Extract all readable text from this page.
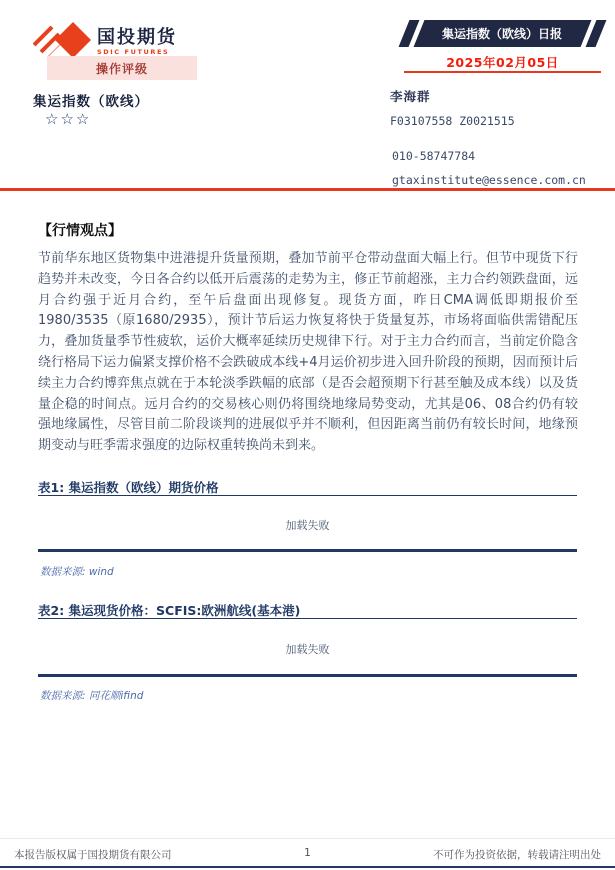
国投期货
SDIC FUTURES
操作评级
集运指数（欧线）
☆☆☆
集运指数（欧线）日报
2025年02月05日
李海群
F03107558 Z0021515
010-58747784
gtaxinstitute@essence.com.cn
【行情观点】
节前华东地区货物集中进港提升货量预期，叠加节前平仓带动盘面大幅上行。但节中现货下行趋势并未改变，今日各合约以低开后震荡的走势为主，修正节前超涨，主力合约领跌盘面，远月合约强于近月合约，至午后盘面出现修复。现货方面，昨日CMA调低即期报价至1980/3535（原1680/2935），预计节后运力恢复将快于货量复苏，市场将面临供需错配压力，叠加货量季节性疲软，运价大概率延续历史规律下行。对于主力合约而言，当前定价隐含绕行格局下运力偏紧支撑价格不会跌破成本线+4月运价初步进入回升阶段的预期，因而预计后续主力合约博弈焦点就在于本轮淡季跌幅的底部（是否会超预期下行甚至触及成本线）以及货量企稳的时间点。远月合约的交易核心则仍将围绕地缘局势变动，尤其是06、08合约仍有较强地缘属性，尽管目前二阶段谈判的进展似乎并不顺利，但因距离当前仍有较长时间，地缘预期变动与旺季需求强度的边际权重转换尚未到来。
表1: 集运指数（欧线）期货价格
加载失败
数据来源: wind
表2: 集运现货价格：SCFIS:欧洲航线(基本港)
加载失败
数据来源: 同花顺ifind
本报告版权属于国投期货有限公司	1	不可作为投资依据，转载请注明出处
